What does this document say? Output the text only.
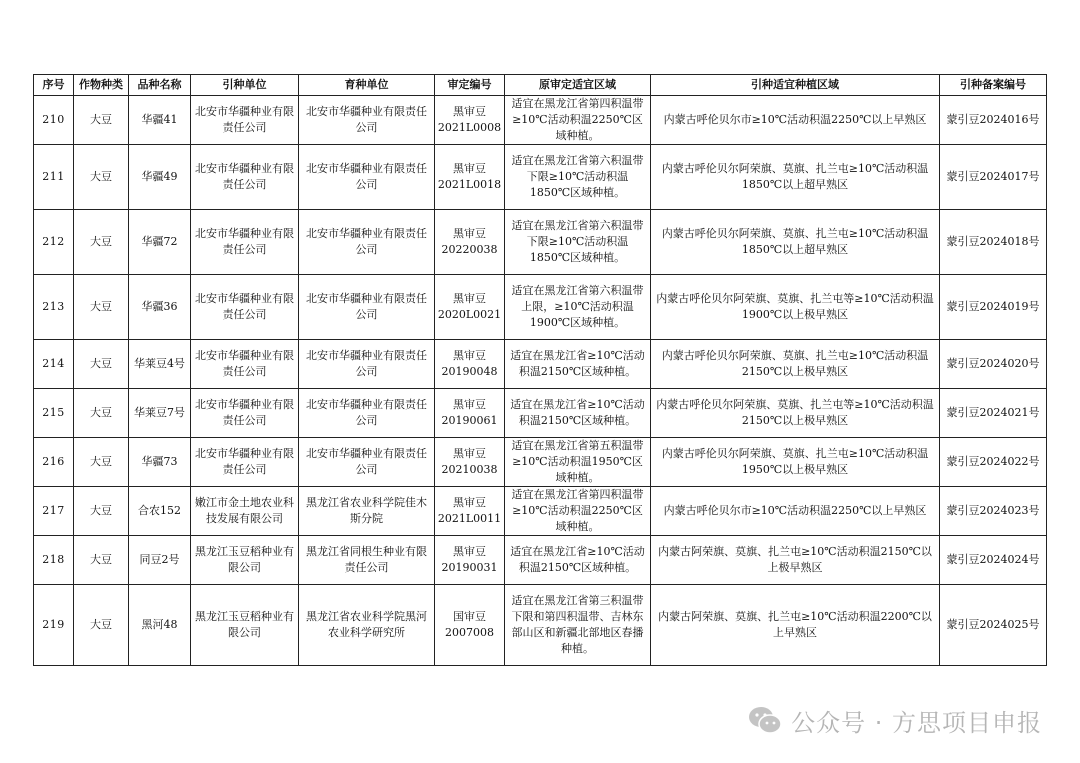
序号	作物种类	品种名称	引种单位	育种单位	审定编号	原审定适宜区域	引种适宜种植区域	引种备案编号
210	大豆	华疆41	北安市华疆种业有限责任公司	北安市华疆种业有限责任公司	黑审豆2021L0008	适宜在黑龙江省第四积温带≥10℃活动积温2250℃区域种植。	内蒙古呼伦贝尔市≥10℃活动积温2250℃以上早熟区	蒙引豆2024016号
211	大豆	华疆49	北安市华疆种业有限责任公司	北安市华疆种业有限责任公司	黑审豆2021L0018	适宜在黑龙江省第六积温带下限≥10℃活动积温1850℃区域种植。	内蒙古呼伦贝尔阿荣旗、莫旗、扎兰屯≥10℃活动积温1850℃以上超早熟区	蒙引豆2024017号
212	大豆	华疆72	北安市华疆种业有限责任公司	北安市华疆种业有限责任公司	黑审豆20220038	适宜在黑龙江省第六积温带下限≥10℃活动积温1850℃区域种植。	内蒙古呼伦贝尔阿荣旗、莫旗、扎兰屯≥10℃活动积温1850℃以上超早熟区	蒙引豆2024018号
213	大豆	华疆36	北安市华疆种业有限责任公司	北安市华疆种业有限责任公司	黑审豆2020L0021	适宜在黑龙江省第六积温带上限，≥10℃活动积温1900℃区域种植。	内蒙古呼伦贝尔阿荣旗、莫旗、扎兰屯等≥10℃活动积温1900℃以上极早熟区	蒙引豆2024019号
214	大豆	华莱豆4号	北安市华疆种业有限责任公司	北安市华疆种业有限责任公司	黑审豆20190048	适宜在黑龙江省≥10℃活动积温2150℃区域种植。	内蒙古呼伦贝尔阿荣旗、莫旗、扎兰屯≥10℃活动积温2150℃以上极早熟区	蒙引豆2024020号
215	大豆	华莱豆7号	北安市华疆种业有限责任公司	北安市华疆种业有限责任公司	黑审豆20190061	适宜在黑龙江省≥10℃活动积温2150℃区域种植。	内蒙古呼伦贝尔阿荣旗、莫旗、扎兰屯等≥10℃活动积温2150℃以上极早熟区	蒙引豆2024021号
216	大豆	华疆73	北安市华疆种业有限责任公司	北安市华疆种业有限责任公司	黑审豆20210038	适宜在黑龙江省第五积温带≥10℃活动积温1950℃区域种植。	内蒙古呼伦贝尔阿荣旗、莫旗、扎兰屯≥10℃活动积温1950℃以上极早熟区	蒙引豆2024022号
217	大豆	合农152	嫩江市金土地农业科技发展有限公司	黑龙江省农业科学院佳木斯分院	黑审豆2021L0011	适宜在黑龙江省第四积温带≥10℃活动积温2250℃区域种植。	内蒙古呼伦贝尔市≥10℃活动积温2250℃以上早熟区	蒙引豆2024023号
218	大豆	同豆2号	黑龙江玉豆稻种业有限公司	黑龙江省同根生种业有限责任公司	黑审豆20190031	适宜在黑龙江省≥10℃活动积温2150℃区域种植。	内蒙古阿荣旗、莫旗、扎兰屯≥10℃活动积温2150℃以上极早熟区	蒙引豆2024024号
219	大豆	黑河48	黑龙江玉豆稻种业有限公司	黑龙江省农业科学院黑河农业科学研究所	国审豆2007008	适宜在黑龙江省第三积温带下限和第四积温带、吉林东部山区和新疆北部地区春播种植。	内蒙古阿荣旗、莫旗、扎兰屯≥10℃活动积温2200℃以上早熟区	蒙引豆2024025号
公众号 · 方思项目申报
